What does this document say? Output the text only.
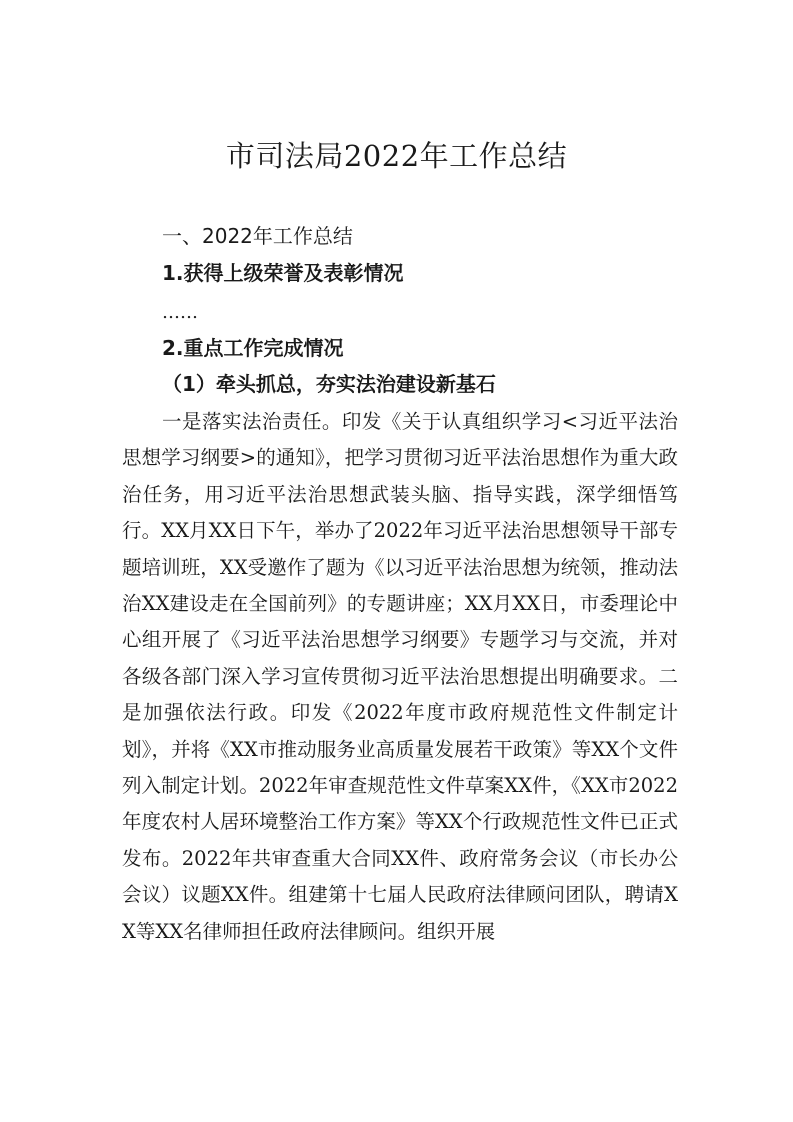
市司法局2022年工作总结
一、2022年工作总结
1.获得上级荣誉及表彰情况

……

2.重点工作完成情况
（1）牵头抓总，夯实法治建设新基石

一是落实法治责任。印发《关于认真组织学习<习近平法治思想学习纲要>的通知》，把学习贯彻习近平法治思想作为重大政治任务，用习近平法治思想武装头脑、指导实践，深学细悟笃行。XX月XX日下午，举办了2022年习近平法治思想领导干部专题培训班，XX受邀作了题为《以习近平法治思想为统领，推动法治XX建设走在全国前列》的专题讲座；XX月XX日，市委理论中心组开展了《习近平法治思想学习纲要》专题学习与交流，并对各级各部门深入学习宣传贯彻习近平法治思想提出明确要求。二是加强依法行政。印发《2022年度市政府规范性文件制定计划》，并将《XX市推动服务业高质量发展若干政策》等XX个文件列入制定计划。2022年审查规范性文件草案XX件，《XX市2022年度农村人居环境整治工作方案》等XX个行政规范性文件已正式发布。2022年共审查重大合同XX件、政府常务会议（市长办公会议）议题XX件。组建第十七届人民政府法律顾问团队，聘请XX等XX名律师担任政府法律顾问。组织开展
